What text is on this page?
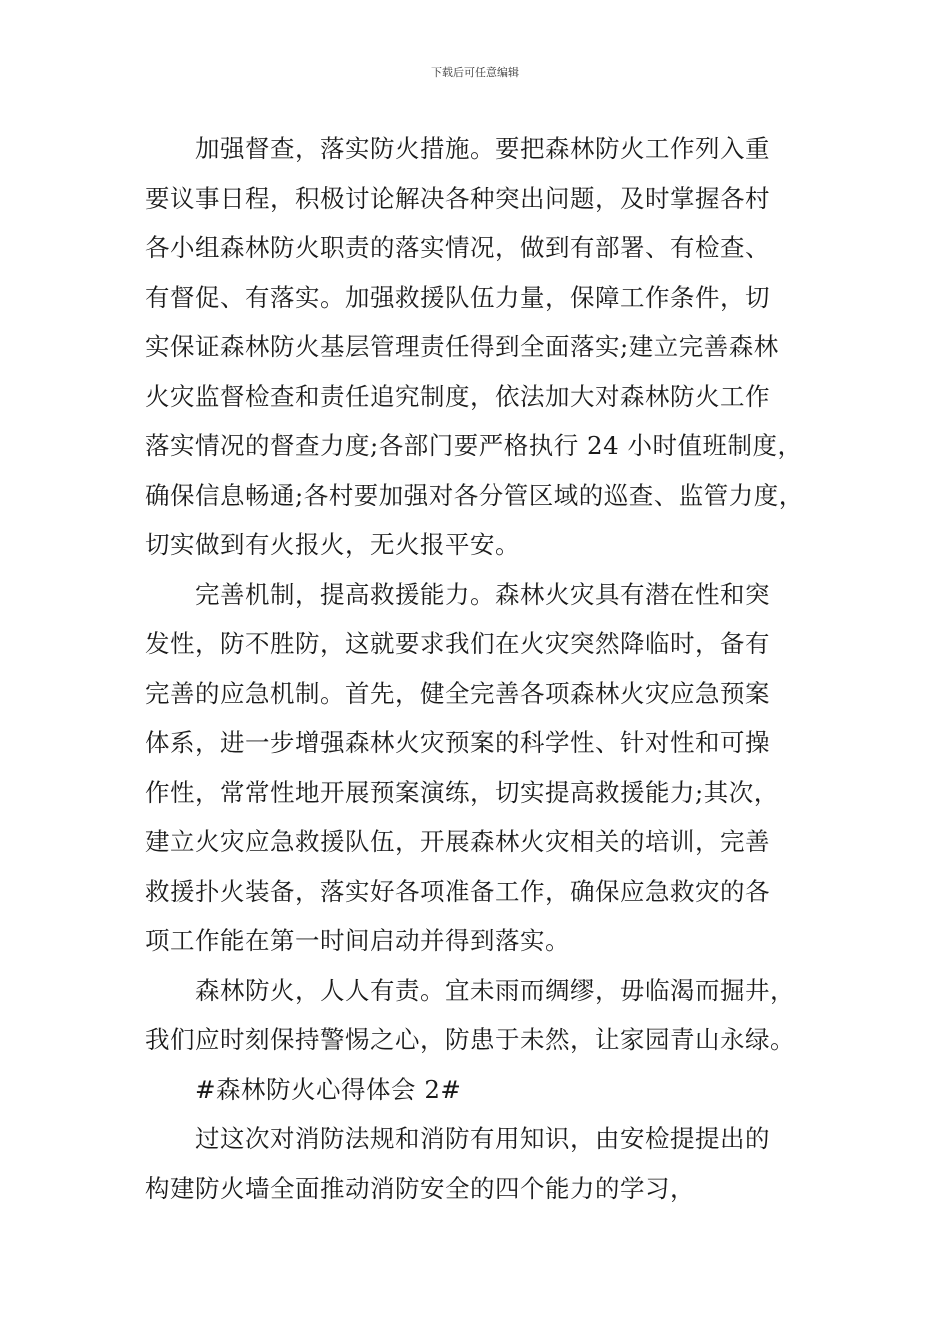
下载后可任意编辑
加强督查，落实防火措施。要把森林防火工作列入重
要议事日程，积极讨论解决各种突出问题，及时掌握各村
各小组森林防火职责的落实情况，做到有部署、有检查、
有督促、有落实。加强救援队伍力量，保障工作条件，切
实保证森林防火基层管理责任得到全面落实;建立完善森林
火灾监督检查和责任追究制度，依法加大对森林防火工作
落实情况的督查力度;各部门要严格执行 24 小时值班制度，
确保信息畅通;各村要加强对各分管区域的巡查、监管力度，
切实做到有火报火，无火报平安。
完善机制，提高救援能力。森林火灾具有潜在性和突
发性，防不胜防，这就要求我们在火灾突然降临时，备有
完善的应急机制。首先，健全完善各项森林火灾应急预案
体系，进一步增强森林火灾预案的科学性、针对性和可操
作性，常常性地开展预案演练，切实提高救援能力;其次，
建立火灾应急救援队伍，开展森林火灾相关的培训，完善
救援扑火装备，落实好各项准备工作，确保应急救灾的各
项工作能在第一时间启动并得到落实。
森林防火，人人有责。宜未雨而绸缪，毋临渴而掘井，
我们应时刻保持警惕之心，防患于未然，让家园青山永绿。
#森林防火心得体会 2#
过这次对消防法规和消防有用知识，由安检提提出的
构建防火墙全面推动消防安全的四个能力的学习，
